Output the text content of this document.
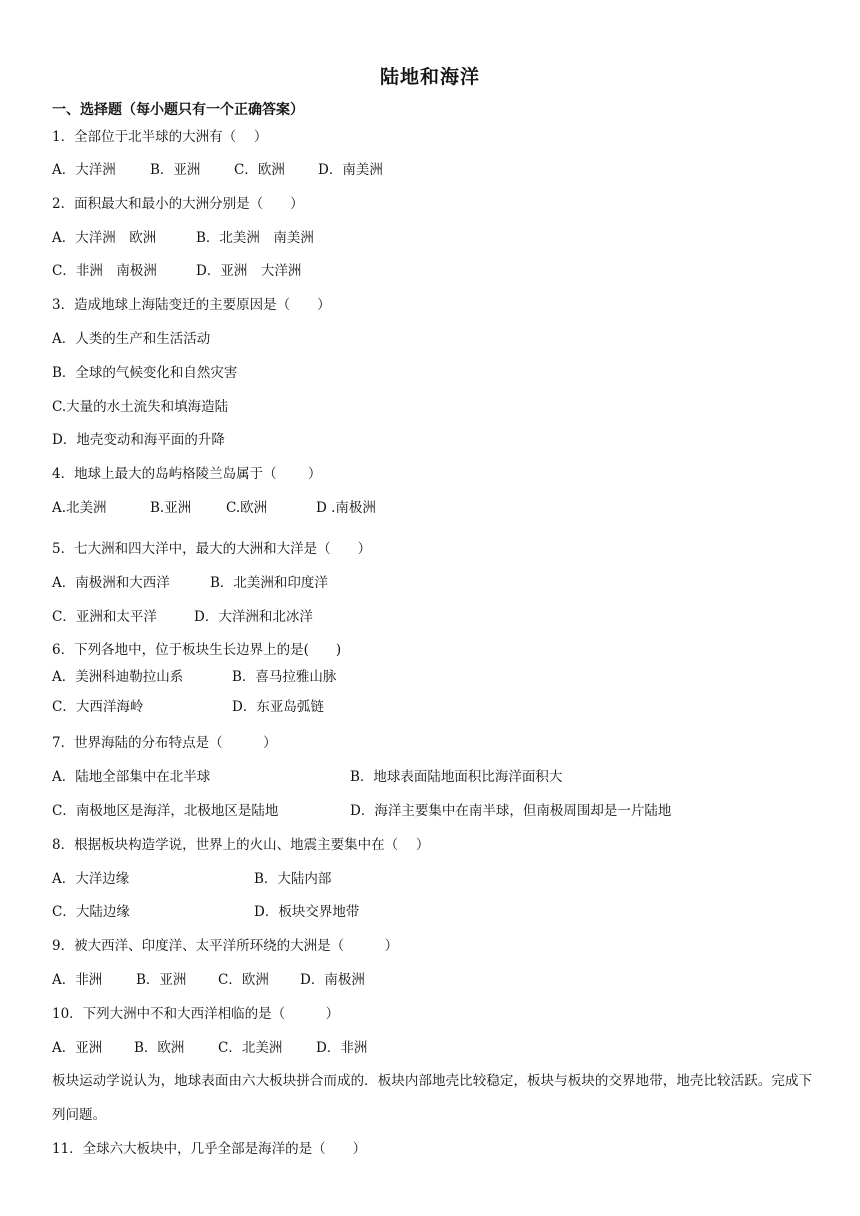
陆地和海洋
一、选择题（每小题只有一个正确答案）
1．全部位于北半球的大洲有（　 ）
A．大洋洲	B．亚洲 C．欧洲 D．南美洲
2．面积最大和最小的大洲分别是（　　）
A．大洋洲　欧洲	B．北美洲　南美洲
C．非洲　南极洲	D．亚洲　大洋洲
3．造成地球上海陆变迁的主要原因是（　　）
A．人类的生产和生活活动
B．全球的气候变化和自然灾害
C.大量的水土流失和填海造陆
D．地壳变动和海平面的升降
4．地球上最大的岛屿格陵兰岛属于（　　 ）
A.北美洲	B.亚洲	C.欧洲	D .南极洲
5．七大洲和四大洋中，最大的大洲和大洋是（　　）
A．南极洲和大西洋	B．北美洲和印度洋
C．亚洲和太平洋	D．大洋洲和北冰洋
6．下列各地中，位于板块生长边界上的是(　　)
A．美洲科迪勒拉山系	B．喜马拉雅山脉
C．大西洋海岭	D．东亚岛弧链
7．世界海陆的分布特点是（　　　）
A．陆地全部集中在北半球	B．地球表面陆地面积比海洋面积大
C．南极地区是海洋，北极地区是陆地	D．海洋主要集中在南半球，但南极周围却是一片陆地
8．根据板块构造学说，世界上的火山、地震主要集中在（　 ）
A．大洋边缘	B．大陆内部
C．大陆边缘	D．板块交界地带
9．被大西洋、印度洋、太平洋所环绕的大洲是（　　　）
A．非洲	B．亚洲 C．欧洲 D．南极洲
10．下列大洲中不和大西洋相临的是（　　　）
A．亚洲 B．欧洲 C．北美洲 D．非洲
板块运动学说认为，地球表面由六大板块拼合而成的．板块内部地壳比较稳定，板块与板块的交界地带，地壳比较活跃。完成下列问题。
11．全球六大板块中，几乎全部是海洋的是（　　）
